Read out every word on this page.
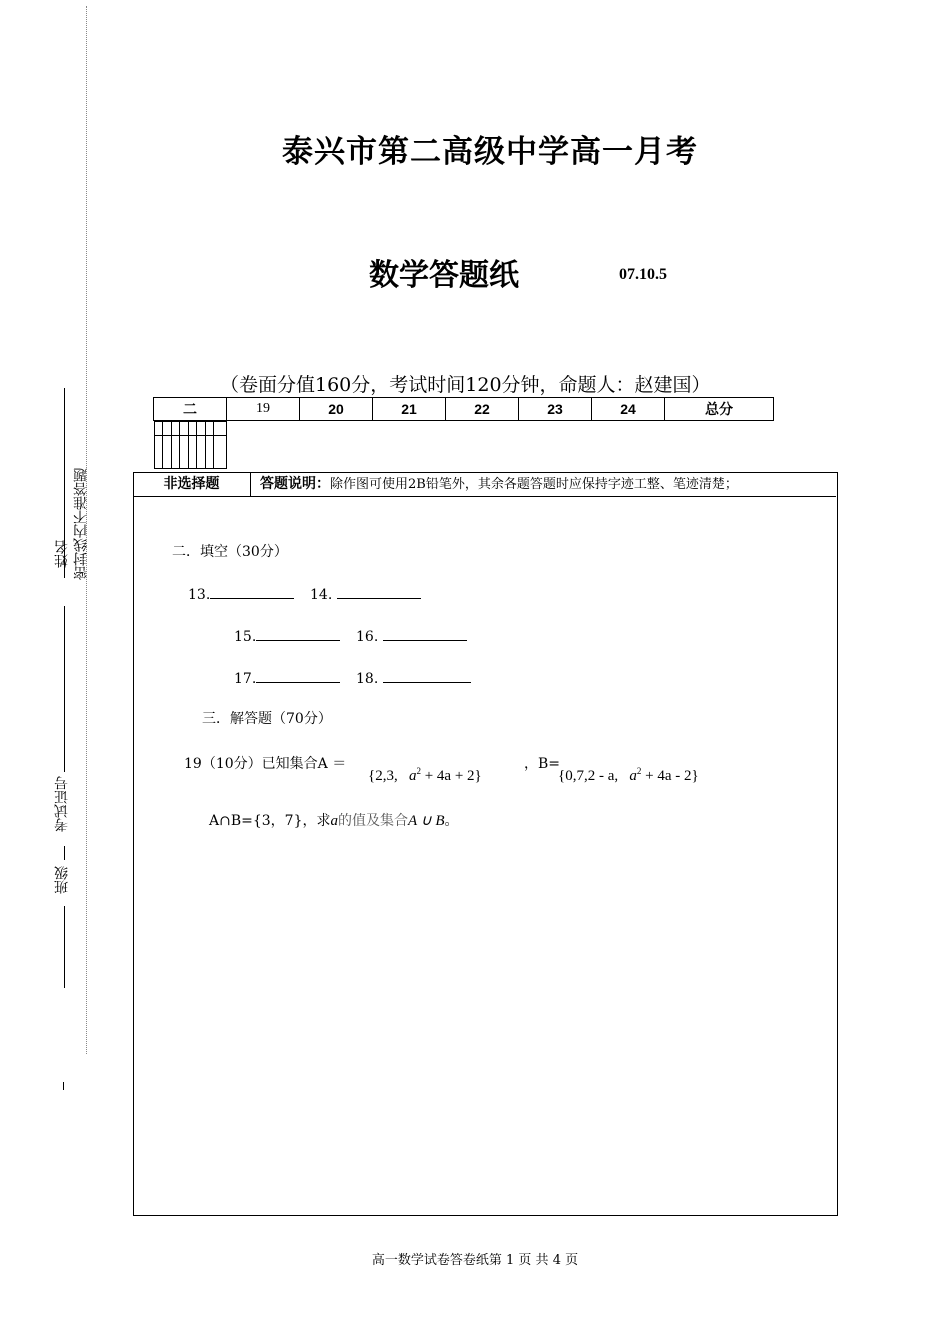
姓名 密封线内不准答题
考试证号
班级
泰兴市第二高级中学高一月考
数学答题纸	07.10.5
（卷面分值160分，考试时间120分钟，命题人：赵建国）
二	19	20	21	22	23	24	总分

非选择题	答题说明：除作图可使用2B铅笔外，其余各题答题时应保持字迹工整、笔迹清楚；
二．填空（30分）
13.	14.
15.	16.
17.	18.
三．解答题（70分）
19（10分）已知集合A ＝
{2,3, $a^2 + 4a + 2$}
，B=
{0,7,2 - a, $a^2 + 4a - 2$}
A∩B={3，7}，求a的值及集合A ∪ B。
高一数学试卷答卷纸第 1 页 共 4 页
